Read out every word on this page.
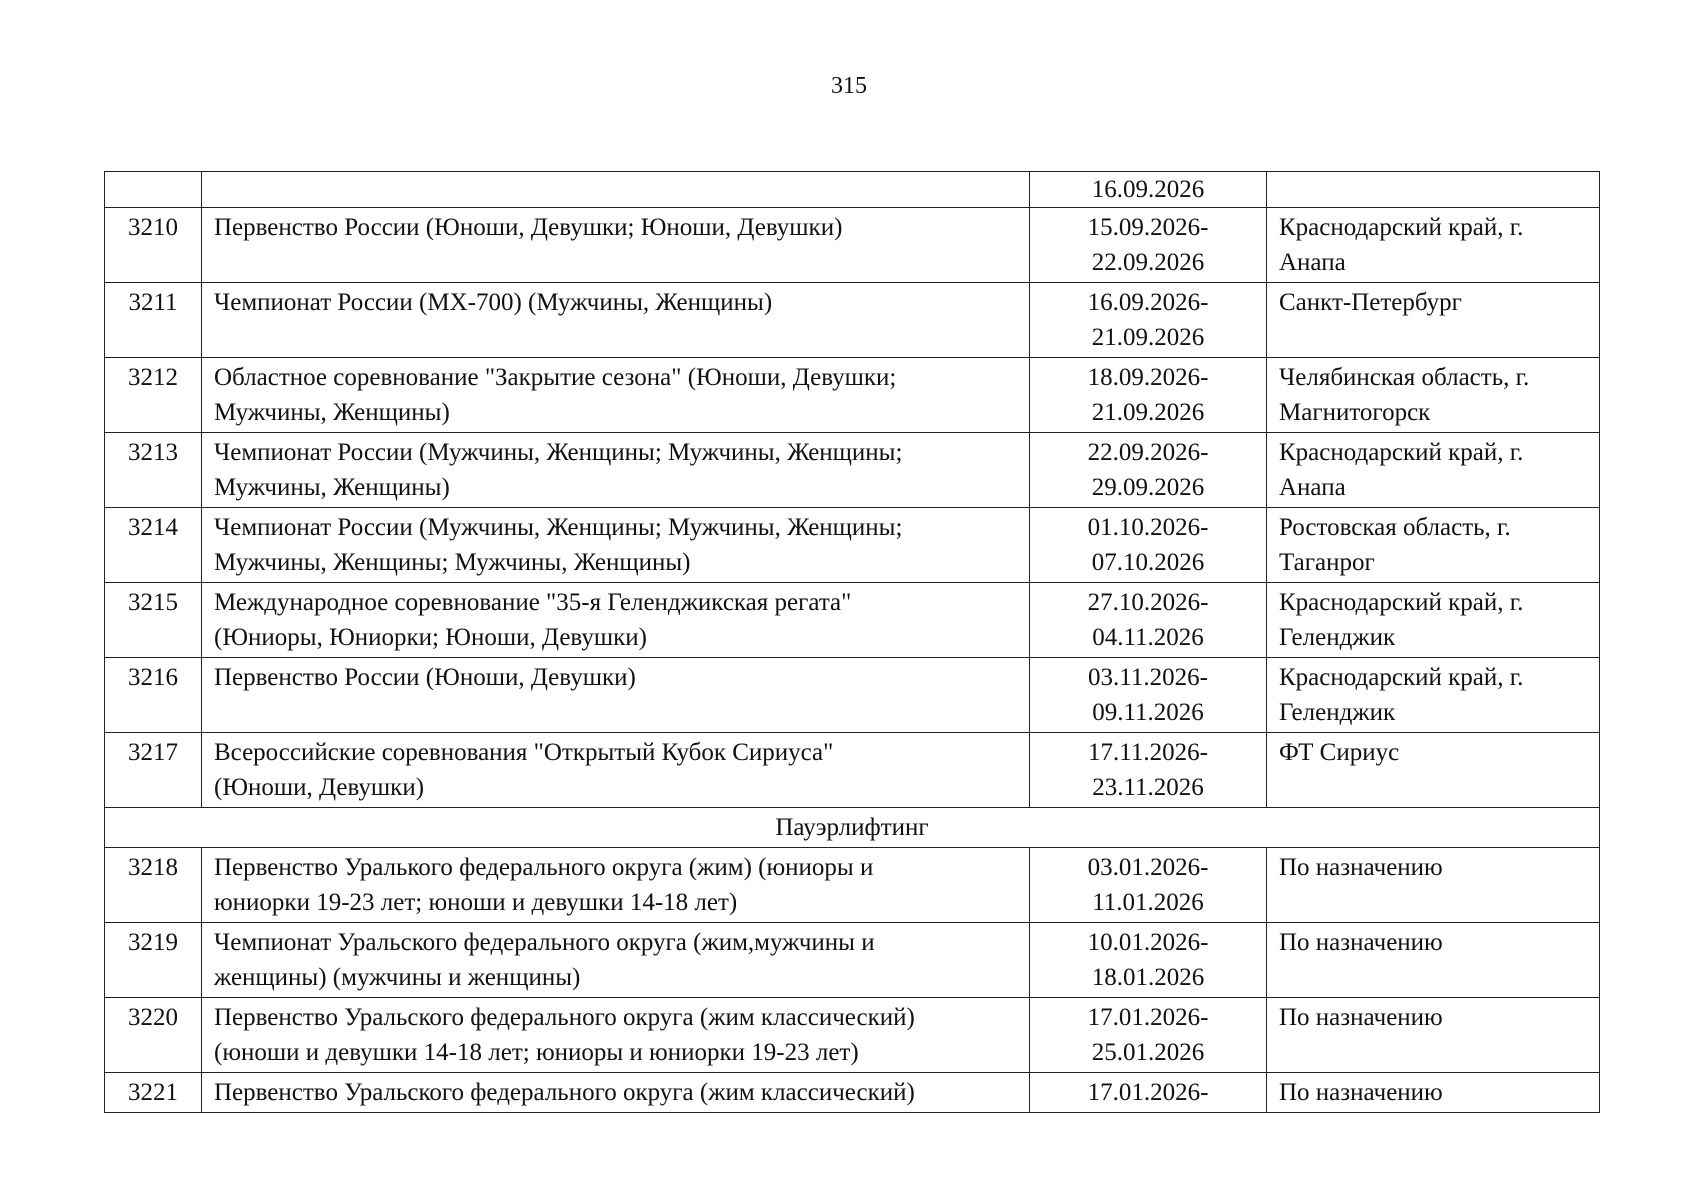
315

		16.09.2026	

3210	Первенство России (Юноши, Девушки; Юноши, Девушки)	15.09.2026-
22.09.2026	Краснодарский край, г.
Анапа

3211	Чемпионат России (МХ-700) (Мужчины, Женщины)	16.09.2026-
21.09.2026	Санкт-Петербург

3212	Областное соревнование "Закрытие сезона" (Юноши, Девушки;
Мужчины, Женщины)	18.09.2026-
21.09.2026	Челябинская область, г.
Магнитогорск

3213	Чемпионат России (Мужчины, Женщины; Мужчины, Женщины;
Мужчины, Женщины)	22.09.2026-
29.09.2026	Краснодарский край, г.
Анапа

3214	Чемпионат России (Мужчины, Женщины; Мужчины, Женщины;
Мужчины, Женщины; Мужчины, Женщины)	01.10.2026-
07.10.2026	Ростовская область, г.
Таганрог

3215	Международное соревнование "35-я Геленджикская регата"
(Юниоры, Юниорки; Юноши, Девушки)	27.10.2026-
04.11.2026	Краснодарский край, г.
Геленджик

3216	Первенство России (Юноши, Девушки)	03.11.2026-
09.11.2026	Краснодарский край, г.
Геленджик

3217	Всероссийские соревнования "Открытый Кубок Сириуса"
(Юноши, Девушки)	17.11.2026-
23.11.2026	ФТ Сириус

Пауэрлифтинг			
3218	Первенство Уралького федерального округа (жим) (юниоры и
юниорки 19-23 лет; юноши и девушки 14-18 лет)	03.01.2026-
11.01.2026	По назначению

3219	Чемпионат Уральского федерального округа (жим,мужчины и
женщины) (мужчины и женщины)	10.01.2026-
18.01.2026	По назначению

3220	Первенство Уральского федерального округа (жим классический)
(юноши и девушки 14-18 лет; юниоры и юниорки 19-23 лет)	17.01.2026-
25.01.2026	По назначению

3221	Первенство Уральского федерального округа (жим классический)	17.01.2026-	По назначению
